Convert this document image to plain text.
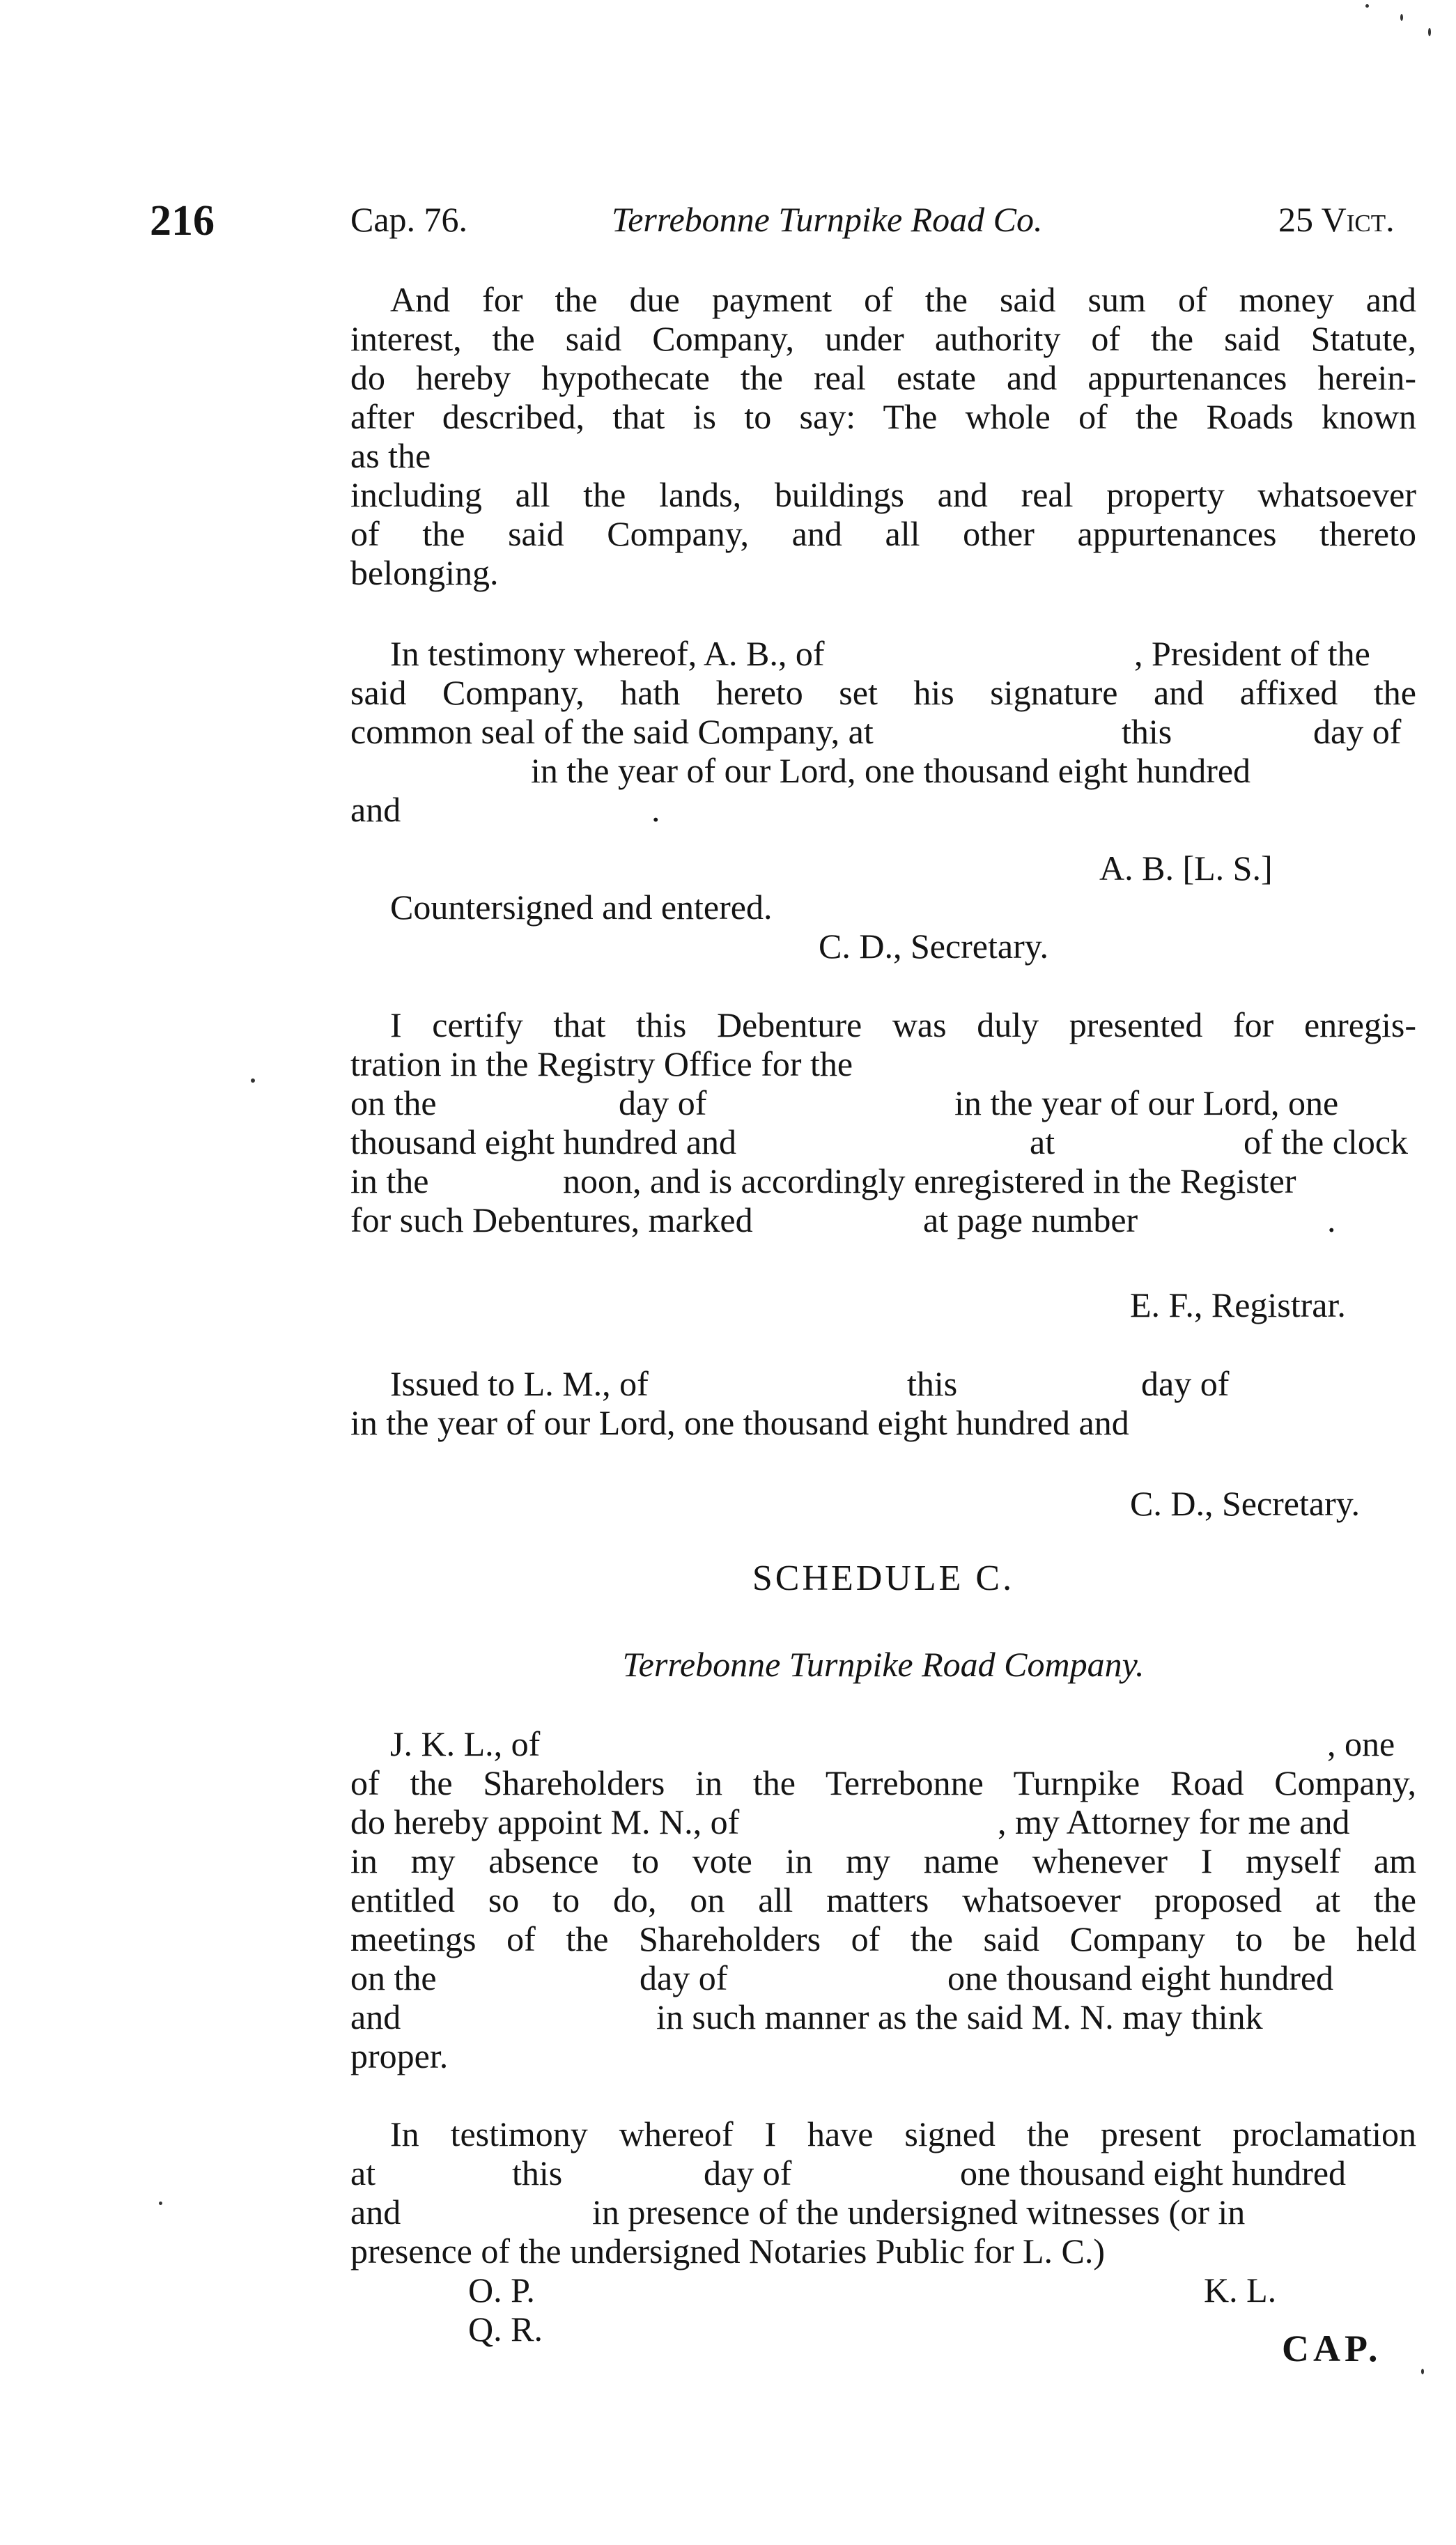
216	Cap. 76.	Terrebonne Turnpike Road Co.	25 Vict.
And for the due payment of the said sum of money and
interest, the said Company, under authority of the said Statute,
do hereby hypothecate the real estate and appurtenances herein-
after described, that is to say: The whole of the Roads known
as the
including all the lands, buildings and real property whatsoever
of the said Company, and all other appurtenances thereto
belonging.
In testimony whereof, A. B., of	, President of the
said Company, hath hereto set his signature and affixed the
common seal of the said Company, at	this	day of
in the year of our Lord, one thousand eight hundred
and	.
A. B. [L. S.]
Countersigned and entered.
C. D., Secretary.
I certify that this Debenture was duly presented for enregis-
tration in the Registry Office for the
on the	day of	in the year of our Lord, one
thousand eight hundred and	at	of the clock
in the	noon, and is accordingly enregistered in the Register
for such Debentures, marked	at page number	.
E. F., Registrar.
Issued to L. M., of	this	day of
in the year of our Lord, one thousand eight hundred and
C. D., Secretary.
SCHEDULE C.
Terrebonne Turnpike Road Company.
J. K. L., of	, one
of the Shareholders in the Terrebonne Turnpike Road Company,
do hereby appoint M. N., of	, my Attorney for me and
in my absence to vote in my name whenever I myself am
entitled so to do, on all matters whatsoever proposed at the
meetings of the Shareholders of the said Company to be held
on the	day of	one thousand eight hundred
and	in such manner as the said M. N. may think
proper.
In testimony whereof I have signed the present proclamation
at	this	day of	one thousand eight hundred
and	in presence of the undersigned witnesses (or in
presence of the undersigned Notaries Public for L. C.)
O. P.	K. L.
Q. R.	CAP.
